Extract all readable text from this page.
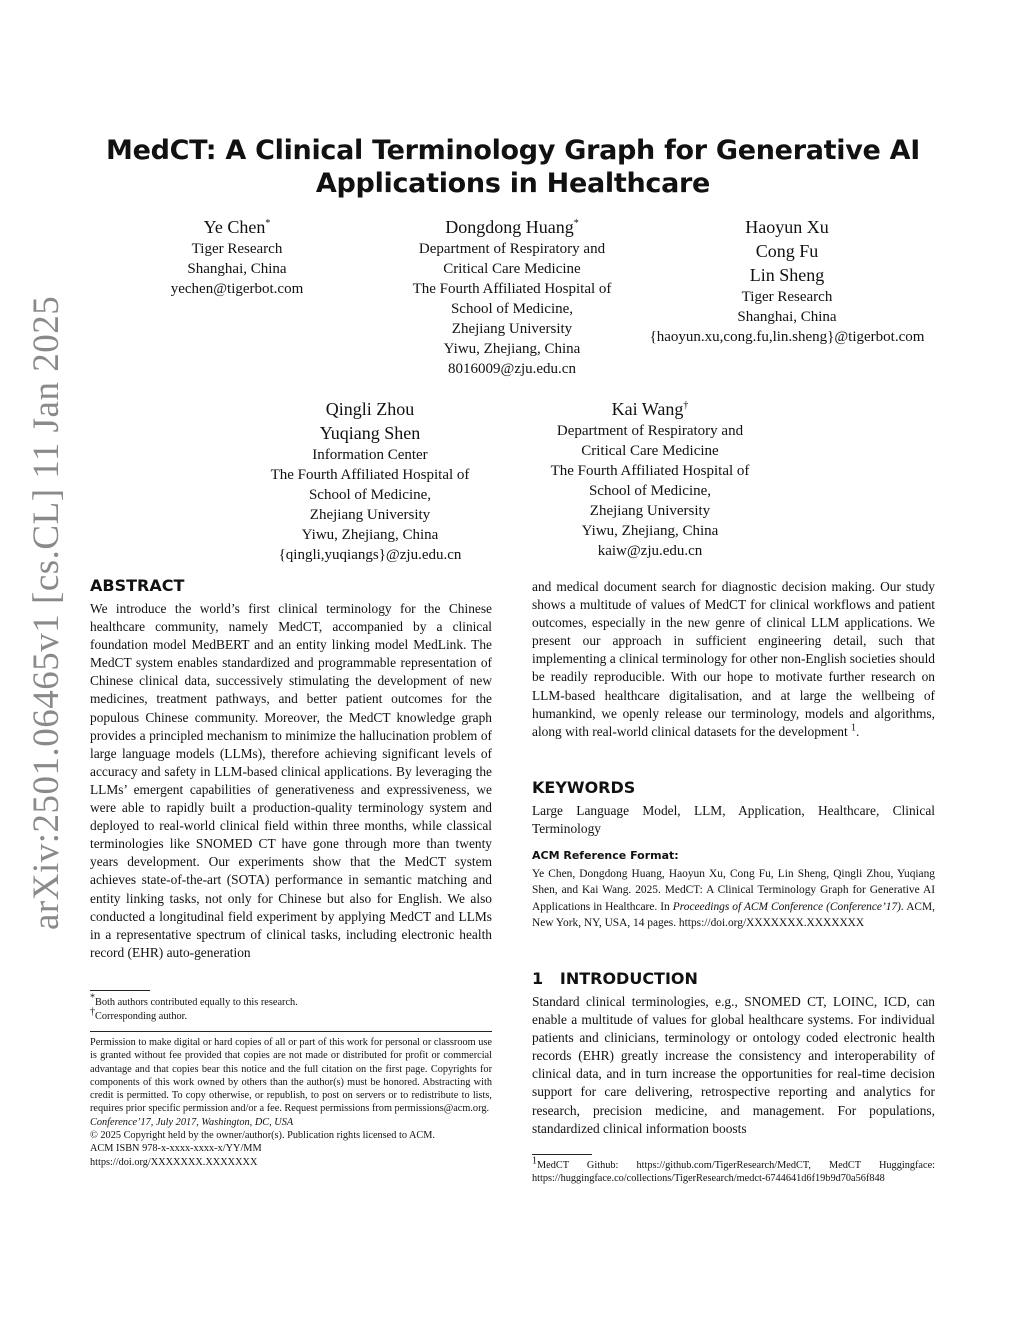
arXiv:2501.06465v1 [cs.CL] 11 Jan 2025
MedCT: A Clinical Terminology Graph for Generative AI
Applications in Healthcare
Ye Chen*
Tiger Research
Shanghai, China
yechen@tigerbot.com
Dongdong Huang*
Department of Respiratory and
Critical Care Medicine
The Fourth Affiliated Hospital of
School of Medicine,
Zhejiang University
Yiwu, Zhejiang, China
8016009@zju.edu.cn
Haoyun Xu
Cong Fu
Lin Sheng
Tiger Research
Shanghai, China
{haoyun.xu,cong.fu,lin.sheng}@tigerbot.com
Qingli Zhou
Yuqiang Shen
Information Center
The Fourth Affiliated Hospital of
School of Medicine,
Zhejiang University
Yiwu, Zhejiang, China
{qingli,yuqiangs}@zju.edu.cn
Kai Wang†
Department of Respiratory and
Critical Care Medicine
The Fourth Affiliated Hospital of
School of Medicine,
Zhejiang University
Yiwu, Zhejiang, China
kaiw@zju.edu.cn
ABSTRACT
We introduce the world’s first clinical terminology for the Chinese healthcare community, namely MedCT, accompanied by a clinical foundation model MedBERT and an entity linking model MedLink. The MedCT system enables standardized and programmable representation of Chinese clinical data, successively stimulating the development of new medicines, treatment pathways, and better patient outcomes for the populous Chinese community. Moreover, the MedCT knowledge graph provides a principled mechanism to minimize the hallucination problem of large language models (LLMs), therefore achieving significant levels of accuracy and safety in LLM-based clinical applications. By leveraging the LLMs’ emergent capabilities of generativeness and expressiveness, we were able to rapidly built a production-quality terminology system and deployed to real-world clinical field within three months, while classical terminologies like SNOMED CT have gone through more than twenty years development. Our experiments show that the MedCT system achieves state-of-the-art (SOTA) performance in semantic matching and entity linking tasks, not only for Chinese but also for English. We also conducted a longitudinal field experiment by applying MedCT and LLMs in a representative spectrum of clinical tasks, including electronic health record (EHR) auto-generation
*Both authors contributed equally to this research.
†Corresponding author.
Permission to make digital or hard copies of all or part of this work for personal or classroom use is granted without fee provided that copies are not made or distributed for profit or commercial advantage and that copies bear this notice and the full citation on the first page. Copyrights for components of this work owned by others than the author(s) must be honored. Abstracting with credit is permitted. To copy otherwise, or republish, to post on servers or to redistribute to lists, requires prior specific permission and/or a fee. Request permissions from permissions@acm.org.
Conference’17, July 2017, Washington, DC, USA
© 2025 Copyright held by the owner/author(s). Publication rights licensed to ACM.
ACM ISBN 978-x-xxxx-xxxx-x/YY/MM
https://doi.org/XXXXXXX.XXXXXXX
and medical document search for diagnostic decision making. Our study shows a multitude of values of MedCT for clinical workflows and patient outcomes, especially in the new genre of clinical LLM applications. We present our approach in sufficient engineering detail, such that implementing a clinical terminology for other non-English societies should be readily reproducible. With our hope to motivate further research on LLM-based healthcare digitalisation, and at large the wellbeing of humankind, we openly release our terminology, models and algorithms, along with real-world clinical datasets for the development $^1$.
KEYWORDS
Large Language Model, LLM, Application, Healthcare, Clinical Terminology
ACM Reference Format:
Ye Chen, Dongdong Huang, Haoyun Xu, Cong Fu, Lin Sheng, Qingli Zhou, Yuqiang Shen, and Kai Wang. 2025. MedCT: A Clinical Terminology Graph for Generative AI Applications in Healthcare. In Proceedings of ACM Conference (Conference’17). ACM, New York, NY, USA, 14 pages. https://doi.org/XXXXXXX.XXXXXXX
1 INTRODUCTION
Standard clinical terminologies, e.g., SNOMED CT, LOINC, ICD, can enable a multitude of values for global healthcare systems. For individual patients and clinicians, terminology or ontology coded electronic health records (EHR) greatly increase the consistency and interoperability of clinical data, and in turn increase the opportunities for real-time decision support for care delivering, retrospective reporting and analytics for research, precision medicine, and management. For populations, standardized clinical information boosts
$^1$MedCT Github: https://github.com/TigerResearch/MedCT, MedCT Huggingface: https://huggingface.co/collections/TigerResearch/medct-6744641d6f19b9d70a56f848
